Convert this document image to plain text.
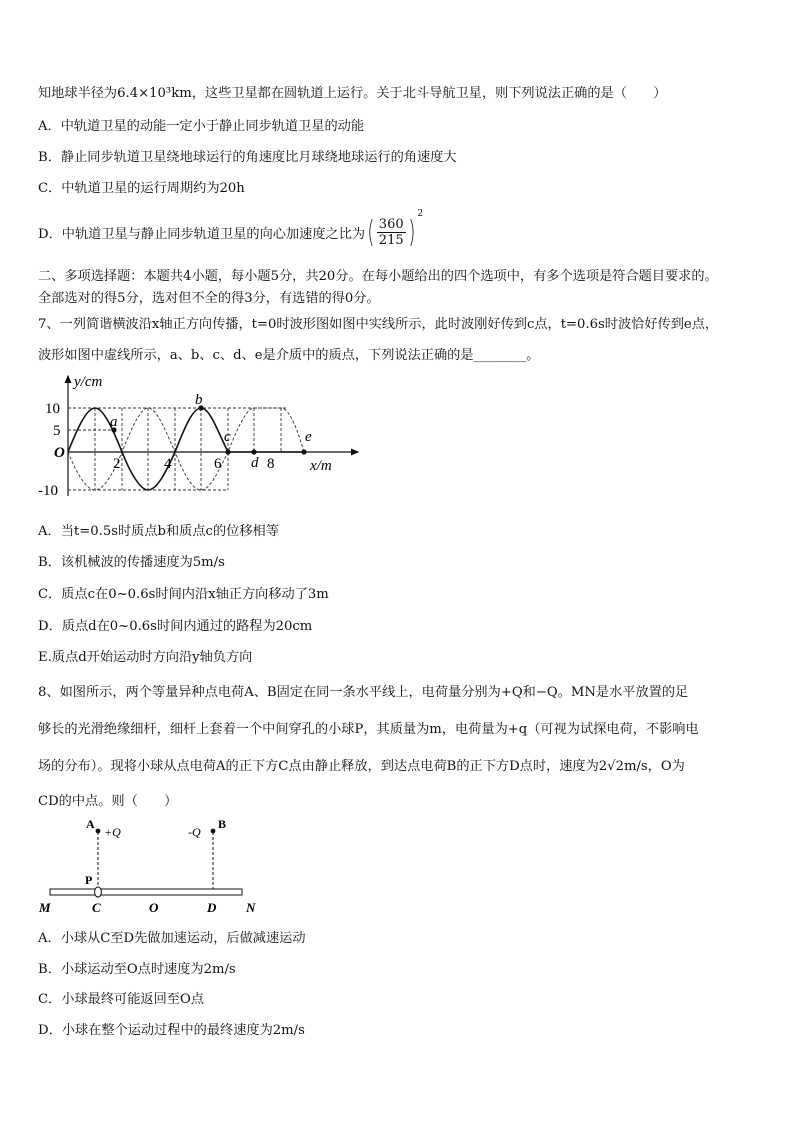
知地球半径为6.4×10³km，这些卫星都在圆轨道上运行。关于北斗导航卫星，则下列说法正确的是（　　）
A．中轨道卫星的动能一定小于静止同步轨道卫星的动能
B．静止同步轨道卫星绕地球运行的角速度比月球绕地球运行的角速度大
C．中轨道卫星的运行周期约为20h
D．中轨道卫星与静止同步轨道卫星的向心加速度之比为 ( $\frac{360}{215}$ )
2
二、多项选择题：本题共4小题，每小题5分，共20分。在每小题给出的四个选项中，有多个选项是符合题目要求的。
全部选对的得5分，选对但不全的得3分，有选错的得0分。
7、一列简谐横波沿x轴正方向传播，t=0时波形图如图中实线所示，此时波刚好传到c点，t=0.6s时波恰好传到e点，
波形如图中虚线所示，a、b、c、d、e是介质中的质点，下列说法正确的是________。
y/cm
x/m
O
10
5
-10
2	4	6	8
a
b
c
d
e
A．当t=0.5s时质点b和质点c的位移相等
B．该机械波的传播速度为5m/s
C．质点c在0~0.6s时间内沿x轴正方向移动了3m
D．质点d在0~0.6s时间内通过的路程为20cm
E.质点d开始运动时方向沿y轴负方向
8、如图所示，两个等量异种点电荷A、B固定在同一条水平线上，电荷量分别为+Q和−Q。MN是水平放置的足
够长的光滑绝缘细杆，细杆上套着一个中间穿孔的小球P，其质量为m，电荷量为+q（可视为试探电荷，不影响电
场的分布）。现将小球从点电荷A的正下方C点由静止释放，到达点电荷B的正下方D点时，速度为2√2m/s，O为
CD的中点。则（　　）
A
+Q	-Q
B
P
M	C	O	D N
A．小球从C至D先做加速运动，后做减速运动
B．小球运动至O点时速度为2m/s
C．小球最终可能返回至O点
D．小球在整个运动过程中的最终速度为2m/s
